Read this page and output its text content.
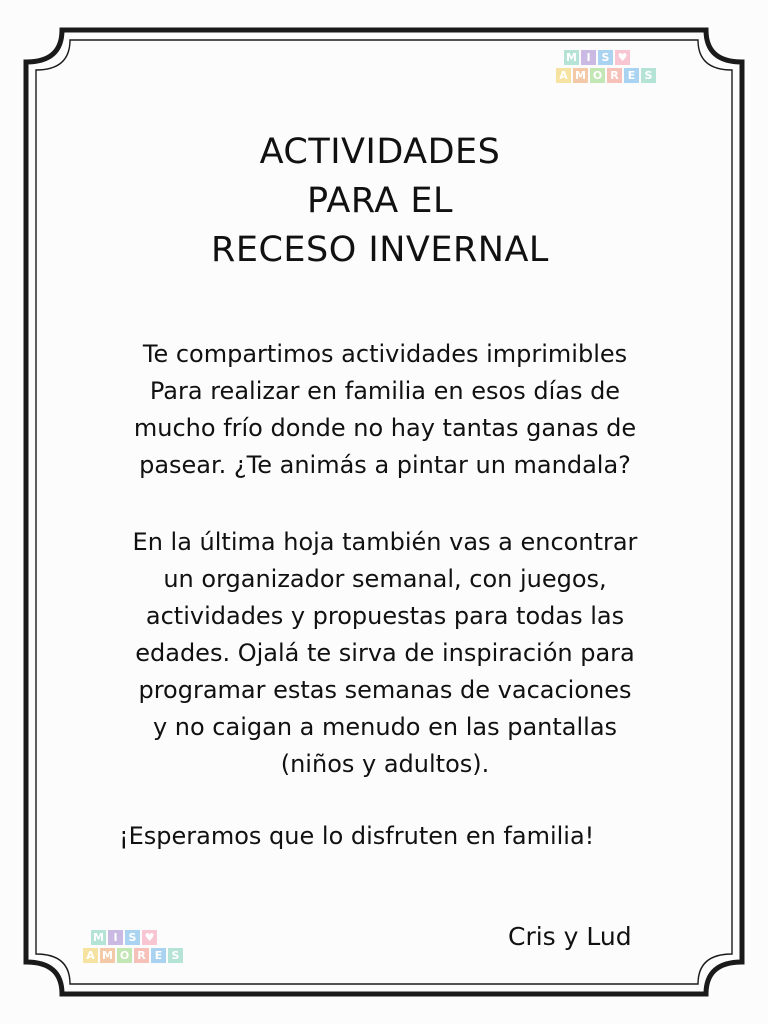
M I S ♥
A M O R E S
ACTIVIDADES
PARA EL
RECESO INVERNAL
Te compartimos actividades imprimibles
Para realizar en familia en esos días de
mucho frío donde no hay tantas ganas de
pasear. ¿Te animás a pintar un mandala?
En la última hoja también vas a encontrar
un organizador semanal, con juegos,
actividades y propuestas para todas las
edades. Ojalá te sirva de inspiración para
programar estas semanas de vacaciones
y no caigan a menudo en las pantallas
(niños y adultos).
¡Esperamos que lo disfruten en familia!
M I S ♥
A M O R E S
Cris y Lud
